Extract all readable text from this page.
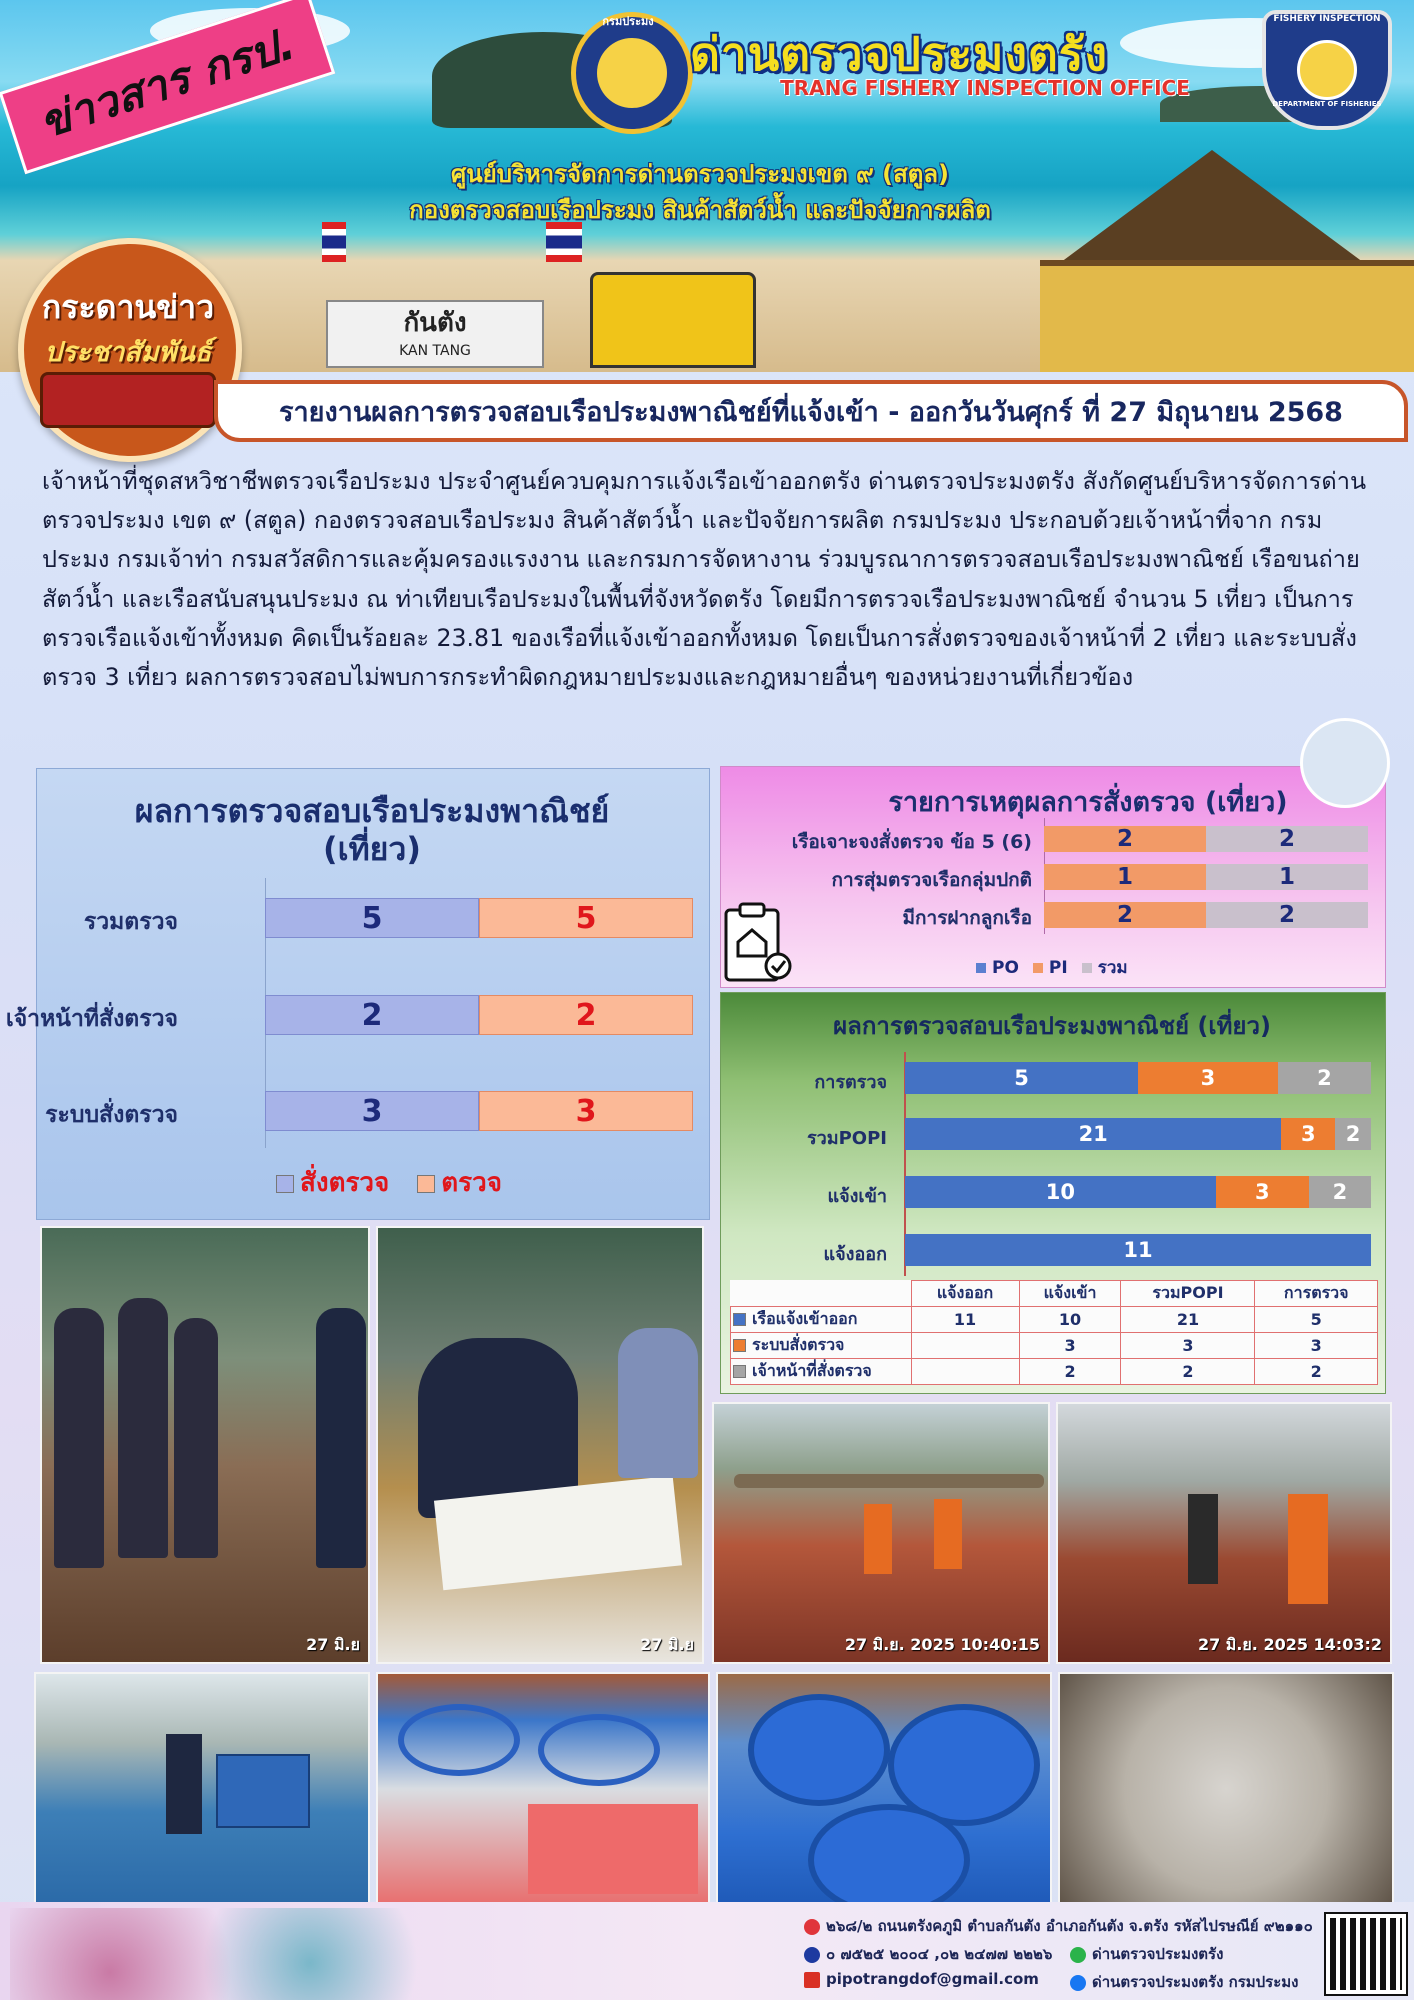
กันตัง
KAN TANG
ข่าวสาร กรป.	กรมประมง	FISHERY INSPECTION
DEPARTMENT OF FISHERIES
ด่านตรวจประมงตรัง
TRANG FISHERY INSPECTION OFFICE
ศูนย์บริหารจัดการด่านตรวจประมงเขต ๙ (สตูล)
กองตรวจสอบเรือประมง สินค้าสัตว์น้ำ และปัจจัยการผลิต
กระดานข่าว
ประชาสัมพันธ์
รายงานผลการตรวจสอบเรือประมงพาณิชย์ที่แจ้งเข้า - ออกวันวันศุกร์ ที่ 27 มิถุนายน 2568

เจ้าหน้าที่ชุดสหวิชาชีพตรวจเรือประมง ประจำศูนย์ควบคุมการแจ้งเรือเข้าออกตรัง ด่านตรวจประมงตรัง สังกัดศูนย์บริหารจัดการด่านตรวจประมง เขต ๙ (สตูล) กองตรวจสอบเรือประมง สินค้าสัตว์น้ำ และปัจจัยการผลิต กรมประมง ประกอบด้วยเจ้าหน้าที่จาก กรมประมง กรมเจ้าท่า กรมสวัสดิการและคุ้มครองแรงงาน และกรมการจัดหางาน ร่วมบูรณาการตรวจสอบเรือประมงพาณิชย์ เรือขนถ่ายสัตว์น้ำ และเรือสนับสนุนประมง ณ ท่าเทียบเรือประมงในพื้นที่จังหวัดตรัง โดยมีการตรวจเรือประมงพาณิชย์ จำนวน 5 เที่ยว เป็นการตรวจเรือแจ้งเข้าทั้งหมด คิดเป็นร้อยละ 23.81 ของเรือที่แจ้งเข้าออกทั้งหมด โดยเป็นการสั่งตรวจของเจ้าหน้าที่ 2 เที่ยว และระบบสั่งตรวจ 3 เที่ยว ผลการตรวจสอบไม่พบการกระทำผิดกฎหมายประมงและกฎหมายอื่นๆ ของหน่วยงานที่เกี่ยวข้อง

ผลการตรวจสอบเรือประมงพาณิชย์
(เที่ยว)
รวมตรวจ	5	5
เจ้าหน้าที่สั่งตรวจ	2	2
ระบบสั่งตรวจ	3	3
สั่งตรวจ ตรวจ
รายการเหตุผลการสั่งตรวจ (เที่ยว)
เรือเจาะจงสั่งตรวจ ข้อ 5 (6)	2	2
การสุ่มตรวจเรือกลุ่มปกติ	1	1
มีการฝากลูกเรือ	2	2
PO PI รวม
ผลการตรวจสอบเรือประมงพาณิชย์ (เที่ยว)
การตรวจ	5	3	2
รวมPOPI	21	3	2
แจ้งเข้า	10	3	2
แจ้งออก	11
	แจ้งออก	แจ้งเข้า	รวมPOPI	การตรวจ
เรือแจ้งเข้าออก	11	10	21	5
ระบบสั่งตรวจ		3	3	3
เจ้าหน้าที่สั่งตรวจ		2	2	2
27 มิ.ย	27 มิ.ย	27 มิ.ย. 2025 10:40:15	27 มิ.ย. 2025 14:03:2
๒๖๘/๒ ถนนตรังคภูมิ ตำบลกันตัง อำเภอกันตัง จ.ตรัง รหัสไปรษณีย์ ๙๒๑๑๐
๐ ๗๕๒๕ ๒๐๐๔ ,๐๒ ๒๔๗๗ ๒๒๒๖
pipotrangdof@gmail.com
ด่านตรวจประมงตรัง
ด่านตรวจประมงตรัง กรมประมง
